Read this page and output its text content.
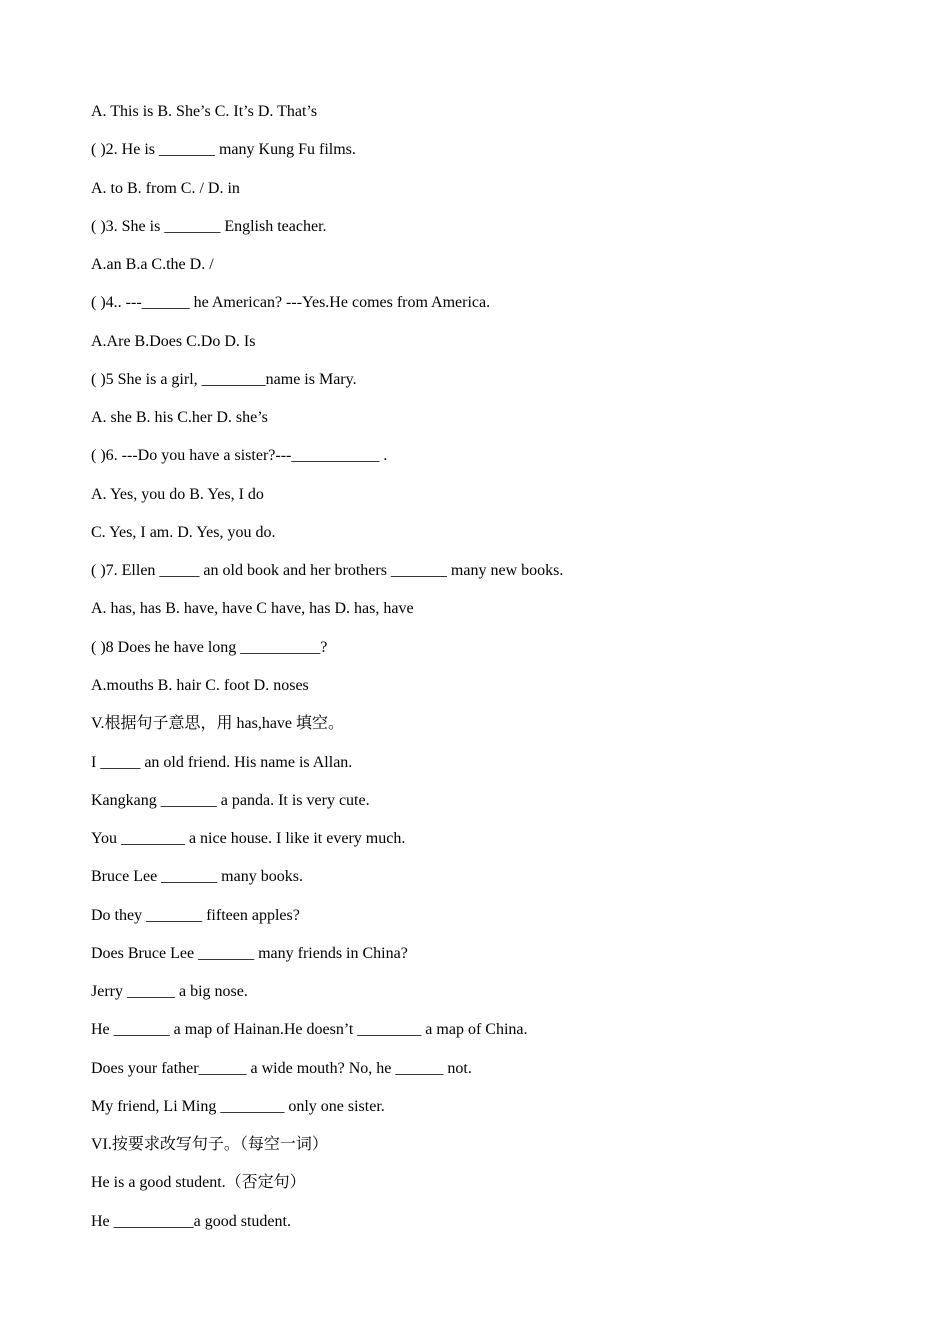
A. This is B. She’s C. It’s D. That’s
( )2. He is _______ many Kung Fu films.
A. to B. from C. / D. in
( )3. She is _______ English teacher.
A.an B.a C.the D. /
( )4.. ---______ he American? ---Yes.He comes from America.
A.Are B.Does C.Do D. Is
( )5 She is a girl, ________name is Mary.
A. she B. his C.her D. she’s
( )6. ---Do you have a sister?---___________ .
A. Yes, you do B. Yes, I do
C. Yes, I am. D. Yes, you do.
( )7. Ellen _____ an old book and her brothers _______ many new books.
A. has, has B. have, have C have, has D. has, have
( )8 Does he have long __________?
A.mouths B. hair C. foot D. noses
V.根据句子意思，用 has,have 填空。
I _____ an old friend. His name is Allan.
Kangkang _______ a panda. It is very cute.
You ________ a nice house. I like it every much.
Bruce Lee _______ many books.
Do they _______ fifteen apples?
Does Bruce Lee _______ many friends in China?
Jerry ______ a big nose.
He _______ a map of Hainan.He doesn’t ________ a map of China.
Does your father______ a wide mouth? No, he ______ not.
My friend, Li Ming ________ only one sister.
VI.按要求改写句子。（每空一词）
He is a good student.（否定句）
He __________a good student.
